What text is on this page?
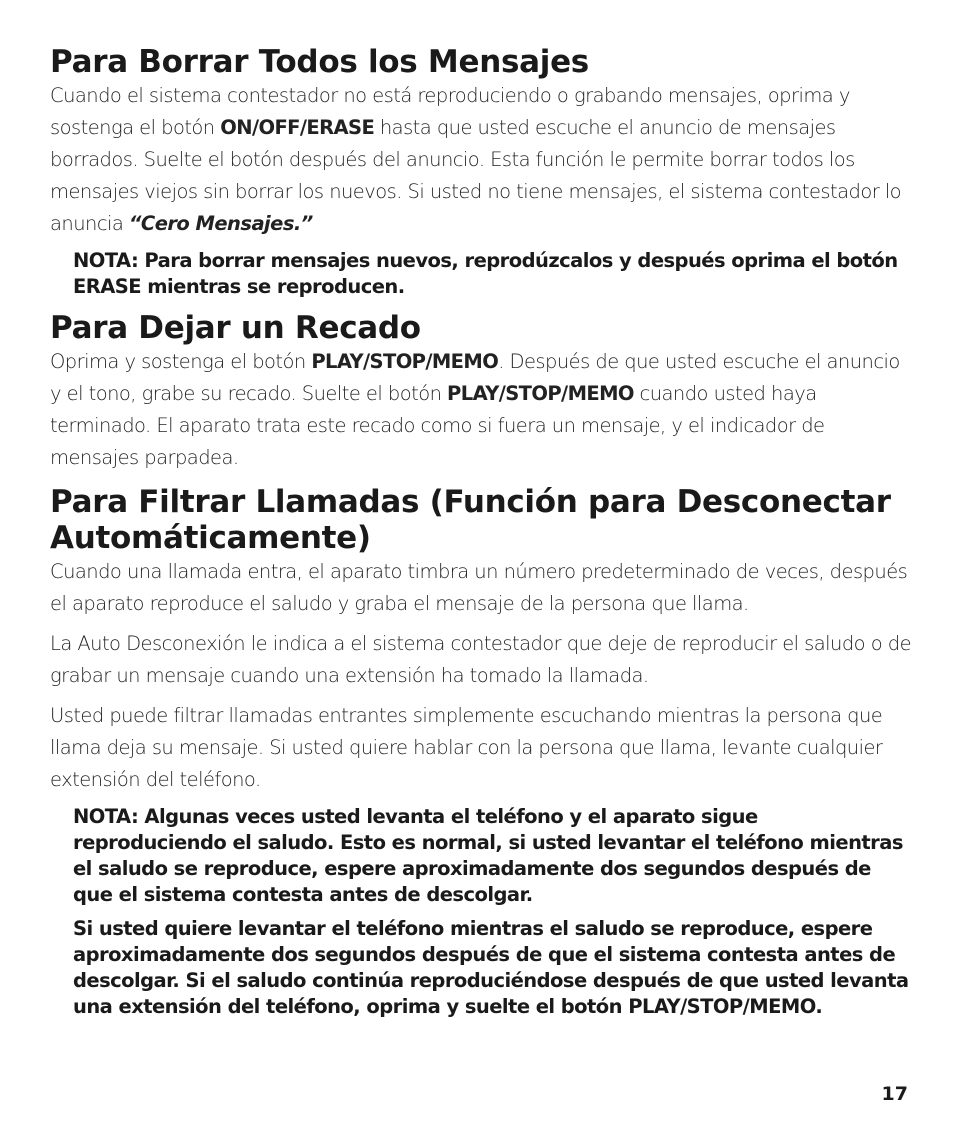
Para Borrar Todos los Mensajes

Cuando el sistema contestador no está reproduciendo o grabando mensajes, oprima y sostenga el botón ON/OFF/ERASE hasta que usted escuche el anuncio de mensajes borrados. Suelte el botón después del anuncio. Esta función le permite borrar todos los mensajes viejos sin borrar los nuevos. Si usted no tiene mensajes, el sistema contestador lo anuncia “Cero Mensajes.”

NOTA: Para borrar mensajes nuevos, reprodúzcalos y después oprima el botón ERASE mientras se reproducen.

Para Dejar un Recado

Oprima y sostenga el botón PLAY/STOP/MEMO. Después de que usted escuche el anuncio y el tono, grabe su recado. Suelte el botón PLAY/STOP/MEMO cuando usted haya terminado. El aparato trata este recado como si fuera un mensaje, y el indicador de mensajes parpadea.

Para Filtrar Llamadas (Función para Desconectar Automáticamente)

Cuando una llamada entra, el aparato timbra un número predeterminado de veces, después el aparato reproduce el saludo y graba el mensaje de la persona que llama.

La Auto Desconexión le indica a el sistema contestador que deje de reproducir el saludo o de grabar un mensaje cuando una extensión ha tomado la llamada.

Usted puede filtrar llamadas entrantes simplemente escuchando mientras la persona que llama deja su mensaje. Si usted quiere hablar con la persona que llama, levante cualquier extensión del teléfono.

NOTA: Algunas veces usted levanta el teléfono y el aparato sigue reproduciendo el saludo. Esto es normal, si usted levantar el teléfono mientras el saludo se reproduce, espere aproximadamente dos segundos después de que el sistema contesta antes de descolgar.

Si usted quiere levantar el teléfono mientras el saludo se reproduce, espere aproximadamente dos segundos después de que el sistema contesta antes de descolgar. Si el saludo continúa reproduciéndose después de que usted levanta una extensión del teléfono, oprima y suelte el botón PLAY/STOP/MEMO.

17
